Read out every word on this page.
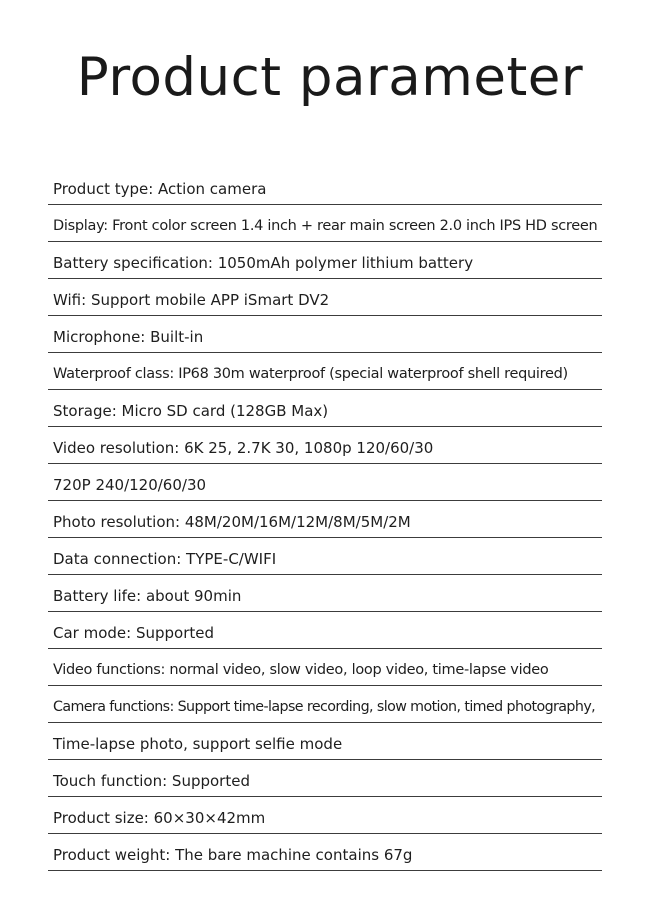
Product parameter
Product type: Action camera
Display: Front color screen 1.4 inch + rear main screen 2.0 inch IPS HD screen
Battery specification: 1050mAh polymer lithium battery
Wifi: Support mobile APP iSmart DV2
Microphone: Built-in
Waterproof class: IP68 30m waterproof (special waterproof shell required)
Storage: Micro SD card (128GB Max)
Video resolution: 6K 25, 2.7K 30, 1080p 120/60/30
720P 240/120/60/30
Photo resolution: 48M/20M/16M/12M/8M/5M/2M
Data connection: TYPE-C/WIFI
Battery life: about 90min
Car mode: Supported
Video functions: normal video, slow video, loop video, time-lapse video
Camera functions: Support time-lapse recording, slow motion, timed photography,
Time-lapse photo, support selfie mode
Touch function: Supported
Product size: 60×30×42mm
Product weight: The bare machine contains 67g
